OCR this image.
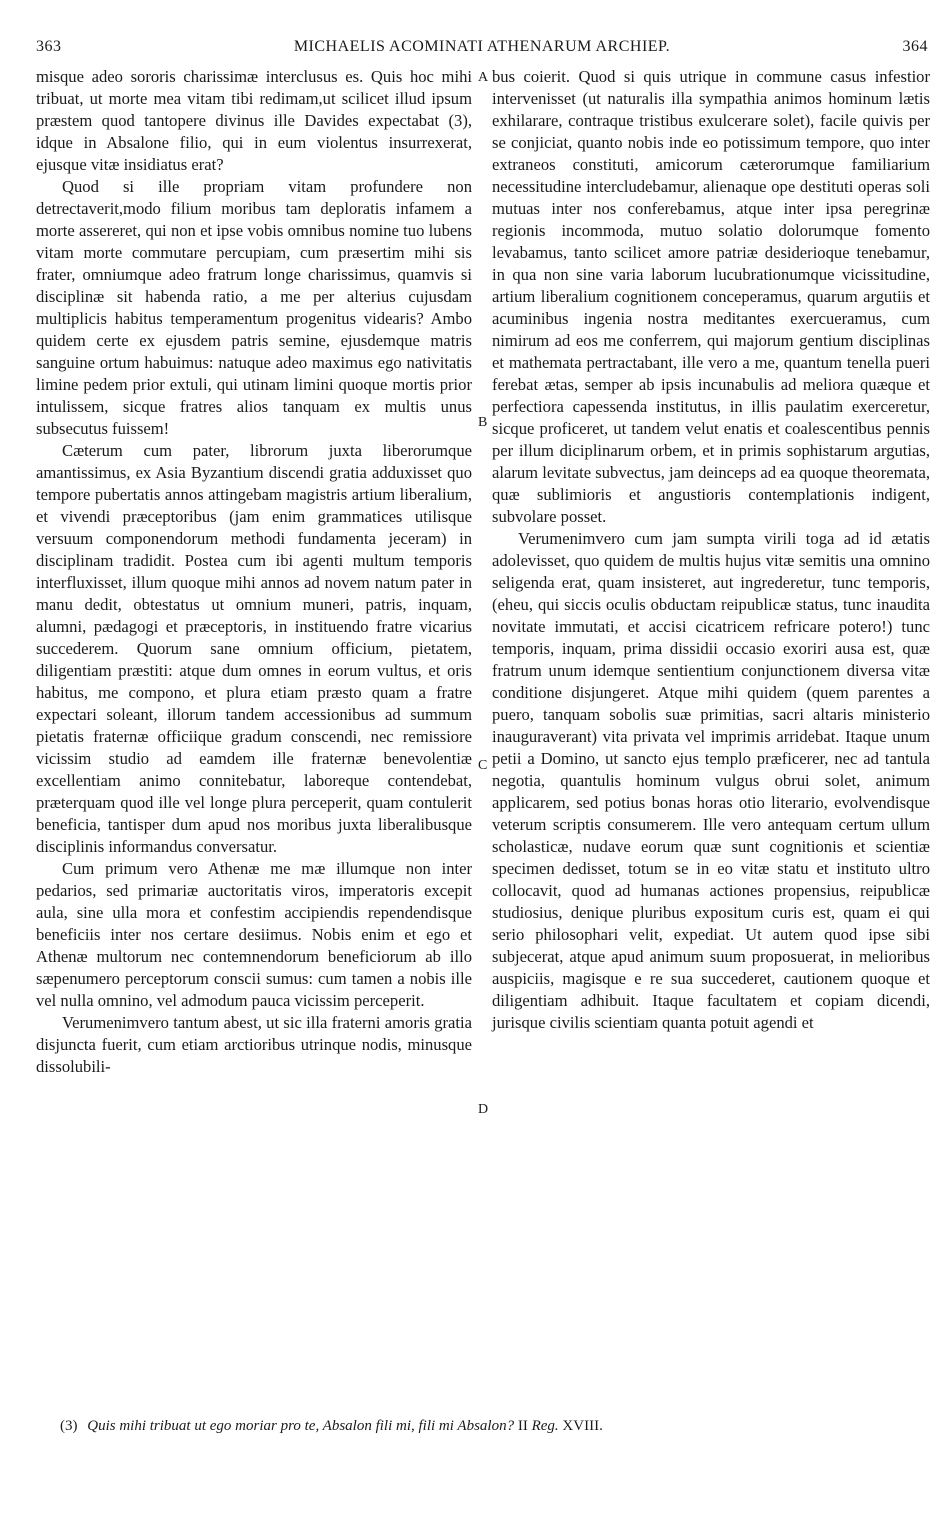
363	MICHAELIS ACOMINATI ATHENARUM ARCHIEP.	364

misque adeo sororis charissimæ interclusus es. Quis hoc mihi tribuat, ut morte mea vitam tibi redimam,ut scilicet illud ipsum præstem quod tantopere divinus ille Davides expectabat (3), idque in Absalone filio, qui in eum violentus insurrexerat, ejusque vitæ insidiatus erat?

Quod si ille propriam vitam profundere non detrectaverit,modo filium moribus tam deploratis infamem a morte assereret, qui non et ipse vobis omnibus nomine tuo lubens vitam morte commutare percupiam, cum præsertim mihi sis frater, omniumque adeo fratrum longe charissimus, quamvis si disciplinæ sit habenda ratio, a me per alterius cujusdam multiplicis habitus temperamentum progenitus videaris? Ambo quidem certe ex ejusdem patris semine, ejusdemque matris sanguine ortum habuimus: natuque adeo maximus ego nativitatis limine pedem prior extuli, qui utinam limini quoque mortis prior intulissem, sicque fratres alios tanquam ex multis unus subsecutus fuissem!

Cæterum cum pater, librorum juxta liberorumque amantissimus, ex Asia Byzantium discendi gratia adduxisset quo tempore pubertatis annos attingebam magistris artium liberalium, et vivendi præceptoribus (jam enim grammatices utilisque versuum componendorum methodi fundamenta jeceram) in disciplinam tradidit. Postea cum ibi agenti multum temporis interfluxisset, illum quoque mihi annos ad novem natum pater in manu dedit, obtestatus ut omnium muneri, patris, inquam, alumni, pædagogi et præceptoris, in instituendo fratre vicarius succederem. Quorum sane omnium officium, pietatem, diligentiam præstiti: atque dum omnes in eorum vultus, et oris habitus, me compono, et plura etiam præsto quam a fratre expectari soleant, illorum tandem accessionibus ad summum pietatis fraternæ officiique gradum conscendi, nec remissiore vicissim studio ad eamdem ille fraternæ benevolentiæ excellentiam animo connitebatur, laboreque contendebat, præterquam quod ille vel longe plura perceperit, quam contulerit beneficia, tantisper dum apud nos moribus juxta liberalibusque disciplinis informandus conversatur.

Cum primum vero Athenæ me mæ illumque non inter pedarios, sed primariæ auctoritatis viros, imperatoris excepit aula, sine ulla mora et confestim accipiendis rependendisque beneficiis inter nos certare desiimus. Nobis enim et ego et Athenæ multorum nec contemnendorum beneficiorum ab illo sæpenumero perceptorum conscii sumus: cum tamen a nobis ille vel nulla omnino, vel admodum pauca vicissim perceperit.

Verumenimvero tantum abest, ut sic illa fraterni amoris gratia disjuncta fuerit, cum etiam arctioribus utrinque nodis, minusque dissolubili-

bus coierit. Quod si quis utrique in commune casus infestior intervenisset (ut naturalis illa sympathia animos hominum lætis exhilarare, contraque tristibus exulcerare solet), facile quivis per se conjiciat, quanto nobis inde eo potissimum tempore, quo inter extraneos constituti, amicorum cæterorumque familiarium necessitudine intercludebamur, alienaque ope destituti operas soli mutuas inter nos conferebamus, atque inter ipsa peregrinæ regionis incommoda, mutuo solatio dolorumque fomento levabamus, tanto scilicet amore patriæ desiderioque tenebamur, in qua non sine varia laborum lucubrationumque vicissitudine, artium liberalium cognitionem conceperamus, quarum argutiis et acuminibus ingenia nostra meditantes exercueramus, cum nimirum ad eos me conferrem, qui majorum gentium disciplinas et mathemata pertractabant, ille vero a me, quantum tenella pueri ferebat ætas, semper ab ipsis incunabulis ad meliora quæque et perfectiora capessenda institutus, in illis paulatim exerceretur, sicque proficeret, ut tandem velut enatis et coalescentibus pennis per illum diciplinarum orbem, et in primis sophistarum argutias, alarum levitate subvectus, jam deinceps ad ea quoque theoremata, quæ sublimioris et angustioris contemplationis indigent, subvolare posset.

Verumenimvero cum jam sumpta virili toga ad id ætatis adolevisset, quo quidem de multis hujus vitæ semitis una omnino seligenda erat, quam insisteret, aut ingrederetur, tunc temporis, (eheu, qui siccis oculis obductam reipublicæ status, tunc inaudita novitate immutati, et accisi cicatricem refricare potero!) tunc temporis, inquam, prima dissidii occasio exoriri ausa est, quæ fratrum unum idemque sentientium conjunctionem diversa vitæ conditione disjungeret. Atque mihi quidem (quem parentes a puero, tanquam sobolis suæ primitias, sacri altaris ministerio inauguraverant) vita privata vel imprimis arridebat. Itaque unum petii a Domino, ut sancto ejus templo præficerer, nec ad tantula negotia, quantulis hominum vulgus obrui solet, animum applicarem, sed potius bonas horas otio literario, evolvendisque veterum scriptis consumerem. Ille vero antequam certum ullum scholasticæ, nudave eorum quæ sunt cognitionis et scientiæ specimen dedisset, totum se in eo vitæ statu et instituto ultro collocavit, quod ad humanas actiones propensius, reipublicæ studiosius, denique pluribus expositum curis est, quam ei qui serio philosophari velit, expediat. Ut autem quod ipse sibi subjecerat, atque apud animum suum proposuerat, in melioribus auspiciis, magisque e re sua succederet, cautionem quoque et diligentiam adhibuit. Itaque facultatem et copiam dicendi, jurisque civilis scientiam quanta potuit agendi et

A
B
C
D
(3) Quis mihi tribuat ut ego moriar pro te, Absalon fili mi, fili mi Absalon? II Reg. XVIII.
